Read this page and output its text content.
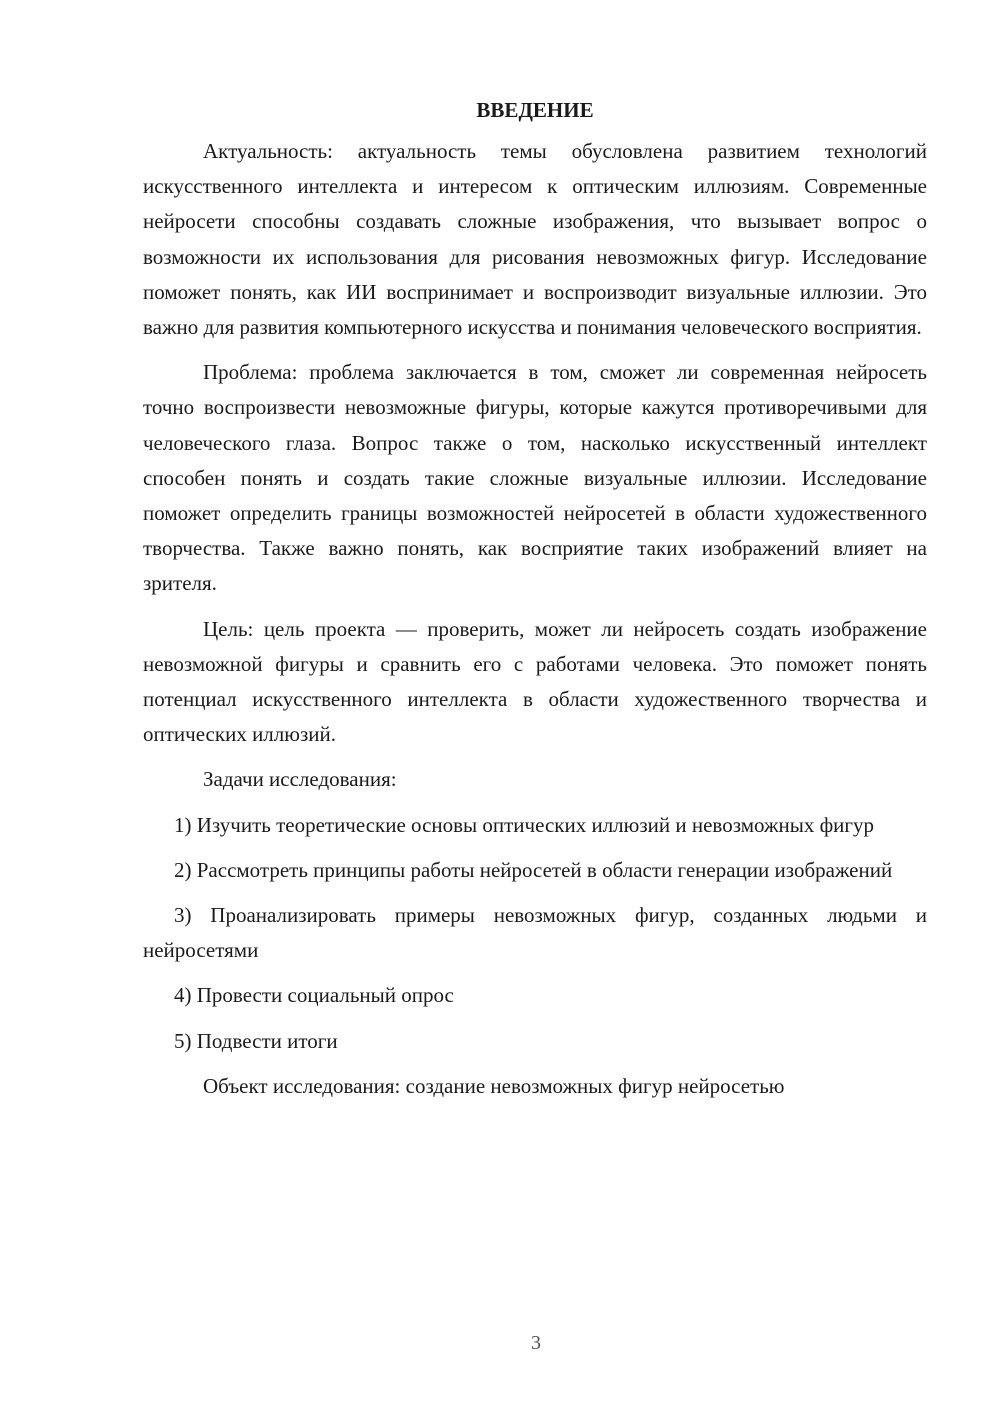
ВВЕДЕНИЕ

Актуальность: актуальность темы обусловлена развитием технологий искусственного интеллекта и интересом к оптическим иллюзиям. Современные нейросети способны создавать сложные изображения, что вызывает вопрос о возможности их использования для рисования невозможных фигур. Исследование поможет понять, как ИИ воспринимает и воспроизводит визуальные иллюзии. Это важно для развития компьютерного искусства и понимания человеческого восприятия.

Проблема: проблема заключается в том, сможет ли современная нейросеть точно воспроизвести невозможные фигуры, которые кажутся противоречивыми для человеческого глаза. Вопрос также о том, насколько искусственный интеллект способен понять и создать такие сложные визуальные иллюзии. Исследование поможет определить границы возможностей нейросетей в области художественного творчества. Также важно понять, как восприятие таких изображений влияет на зрителя.

Цель: цель проекта — проверить, может ли нейросеть создать изображение невозможной фигуры и сравнить его с работами человека. Это поможет понять потенциал искусственного интеллекта в области художественного творчества и оптических иллюзий.

Задачи исследования:

1) Изучить теоретические основы оптических иллюзий и невозможных фигур

2) Рассмотреть принципы работы нейросетей в области генерации изображений

3) Проанализировать примеры невозможных фигур, созданных людьми и нейросетями

4) Провести социальный опрос

5) Подвести итоги

Объект исследования: создание невозможных фигур нейросетью

3
